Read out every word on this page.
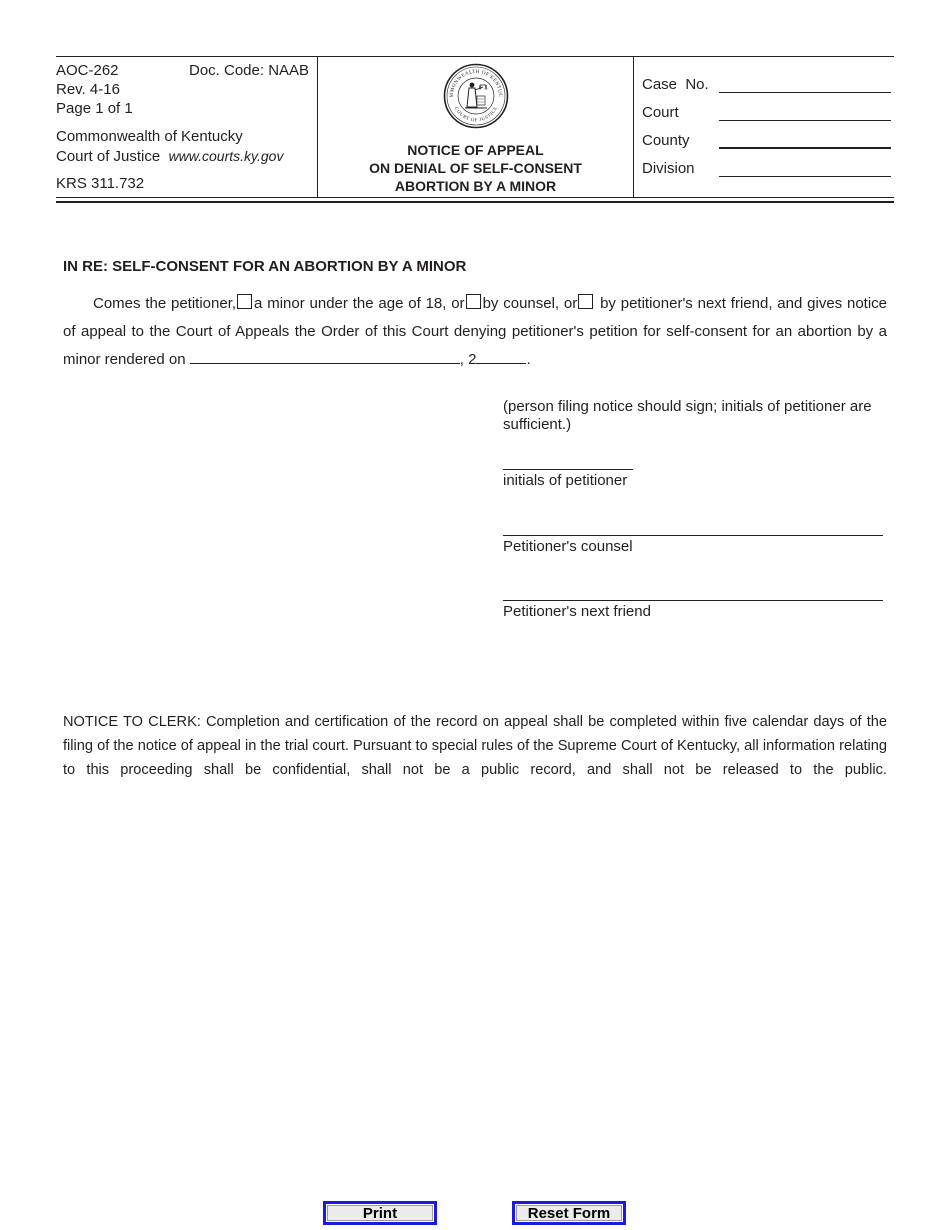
AOC-262	Doc. Code: NAAB
Rev. 4-16
Page 1 of 1
Commonwealth of Kentucky
Court of Justice www.courts.ky.gov
KRS 311.732
MMONWEALTH OF KENTUC
COURT OF JUSTICE
NOTICE OF APPEAL
ON DENIAL OF SELF-CONSENT
ABORTION BY A MINOR
Case  No.
Court
County
Division
IN RE: SELF-CONSENT FOR AN ABORTION BY A MINOR
Comes the petitioner, a minor under the age of 18, or by counsel, or by petitioner's next friend, and gives notice of appeal to the Court of Appeals the Order of this Court denying petitioner's petition for self-consent for an abortion by a minor rendered on	, 2	.
(person filing notice should sign; initials of petitioner are sufficient.)
initials of petitioner
Petitioner's counsel
Petitioner's next friend
NOTICE TO CLERK: Completion and certification of the record on appeal shall be completed within five calendar days of the filing of the notice of appeal in the trial court. Pursuant to special rules of the Supreme Court of Kentucky, all information relating to this proceeding shall be confidential, shall not be a public record, and shall not be released to the public.
Print	Reset Form
